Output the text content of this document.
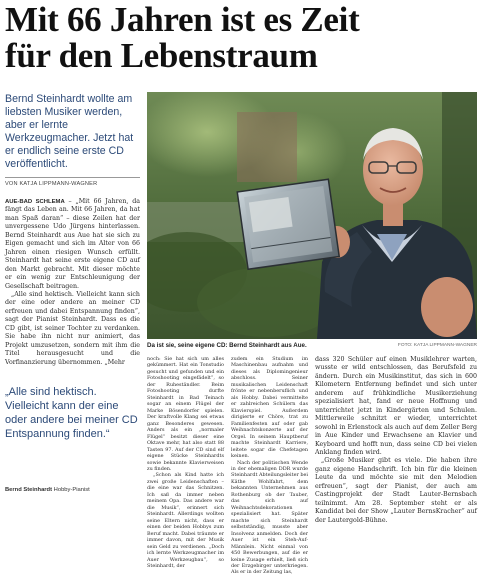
Mit 66 Jahren ist es Zeit
für den Lebenstraum
Bernd Steinhardt wollte am liebsten Musiker werden, aber er lernte Werkzeugmacher. Jetzt hat er endlich seine erste CD veröffentlicht.
VON KATJA LIPPMANN-WAGNER

AUE-BAD SCHLEMA – „Mit 66 Jahren, da fängt das Leben an. Mit 66 Jahren, da hat man Spaß daran“ – diese Zeilen hat der unvergessene Udo Jürgens hinterlassen. Bernd Steinhardt aus Aue hat sie sich zu Eigen gemacht und sich im Alter von 66 Jahren einen riesigen Wunsch erfüllt. Steinhardt hat seine erste eigene CD auf den Markt gebracht. Mit dieser möchte er ein wenig zur Entschleunigung der Gesellschaft beitragen.

„Alle sind hektisch. Vielleicht kann sich der eine oder andere an meiner CD erfreuen und dabei Entspannung finden“, sagt der Pianist Steinhardt. Dass es die CD gibt, ist seiner Tochter zu verdanken. Sie habe ihn nicht nur animiert, das Projekt umzusetzen, sondern mit ihm die Titel herausgesucht und die Vorfinanzierung übernommen. „Mehr

Da ist sie, seine eigene CD: Bernd Steinhardt aus Aue.	FOTO: KATJA LIPPMANN-WAGNER
„Alle sind hektisch. Vielleicht kann der eine oder andere bei meiner CD Entspannung finden.“
Bernd Steinhardt Hobby-Pianist

noch: Sie hat sich um alles gekümmert. Hat ein Tonstudio gesucht und gefunden und ein Fotoshooting eingefädelt“, so der Ruheständler. Beim Fotoshooting durfte Steinhardt in Bad Teinach sogar an einem Flügel der Marke Bösendorfer spielen. Der kraftvolle Klang sei etwas ganz Besonderes gewesen. Anders als ein „normaler Flügel“ besitzt dieser eine Oktave mehr, hat also statt 88 Tasten 97. Auf der CD sind elf eigene Stücke Steinhardts sowie bekannte Klavierweisen zu finden.

„Schon als Kind hatte ich zwei große Leidenschaften – die eine war das Schnitzen. Ich saß da immer neben meinem Opa. Das andere war die Musik“, erinnert sich Steinhardt. Allerdings wollten seine Eltern nicht, dass er einen der beiden Hobbys zum Beruf macht. Dabei träumte er immer davon, mit der Musik sein Geld zu verdienen. „Doch ich lernte Werkzeugmacher im Auer Werkzeugbau“, so Steinhardt, der

zudem ein Studium im Maschinenbau aufnahm und dieses als Diplomingenieur abschloss. Seiner musikalischen Leidenschaft frönte er nebenberuflich und als Hobby. Dabei vermittelte er zahlreichen Schülern das Klavierspiel. Außerdem dirigierte er Chöre, trat zu Familienfesten auf oder gab Weihnachtskonzerte auf der Orgel. In seinem Hauptberuf machte Steinhardt Karriere, leitete sogar die Chefetagen keinen.

Nach der politischen Wende in der ehemaligen DDR wurde Steinhardt Abteilungsleiter bei Käthe Wohlfahrt, dem bekannten Unternehmen aus Rothenburg ob der Tauber, das sich auf Weihnachtsdekorationen spezialisiert hat. Später machte sich Steinhardt selbstständig, musste aber Insolvenz anmelden. Doch der Auer ist ein Steh-Auf-Männlein. Nicht einmal von 450 Bewerbungen, auf die er keine Zusage erhielt, ließ sich der Erzgebirger unterkriegen. Als er in der Zeitung las,

dass 320 Schüler auf einen Musiklehrer warten, wusste er wild entschlossen, das Berufsfeld zu ändern. Durch ein Musikinstitut, das sich in 600 Kilometern Entfernung befindet und sich unter anderem auf frühkindliche Musikerziehung spezialisiert hat, fand er neue Hoffnung und unterrichtet jetzt in Kindergärten und Schulen. Mittlerweile schnitzt er wieder, unterrichtet sowohl in Erlenstock als auch auf dem Zeller Berg in Aue Kinder und Erwachsene an Klavier und Keyboard und hofft nun, dass seine CD bei vielen Anklang finden wird.

„Große Musiker gibt es viele. Die haben ihre ganz eigene Handschrift. Ich bin für die kleinen Leute da und möchte sie mit den Melodien erfreuen“, sagt der Pianist, der auch am Castingprojekt der Stadt Lauter-Bernsbach teilnimmt. Am 28. September steht er als Kandidat bei der Show „Lauter BernsKracher“ auf der Lautergold-Bühne.
